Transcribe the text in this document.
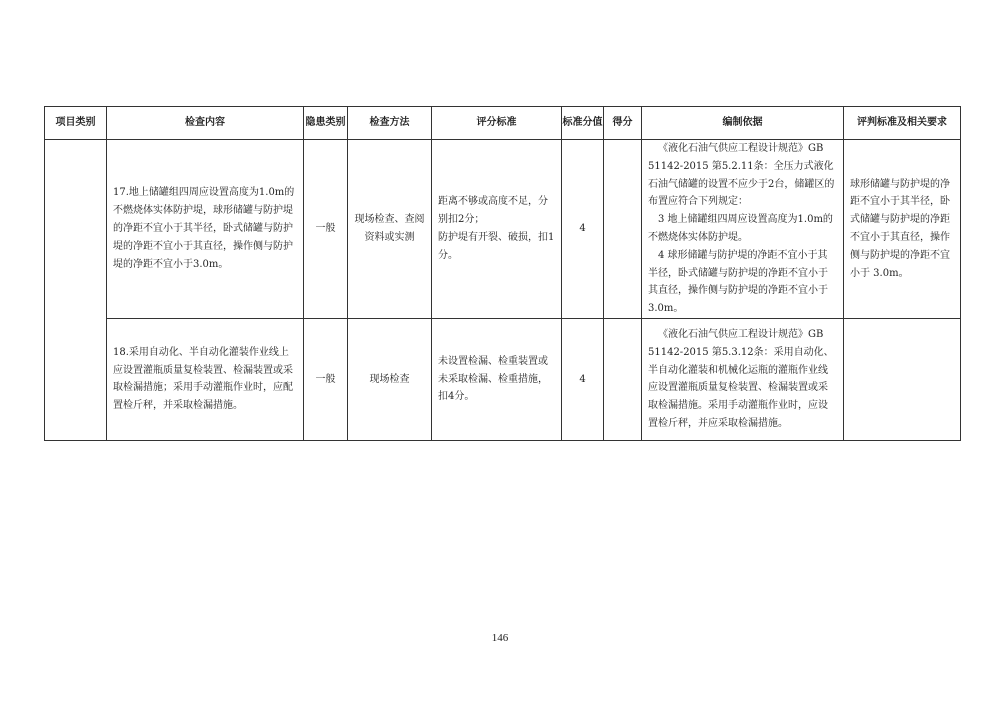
项目类别	检查内容	隐患类别	检查方法	评分标准	标准分值	得分	编制依据	评判标准及相关要求
	17.地上储罐组四周应设置高度为1.0m的不燃烧体实体防护堤，球形储罐与防护堤的净距不宜小于其半径，卧式储罐与防护堤的净距不宜小于其直径，操作侧与防护堤的净距不宜小于3.0m。	一般	现场检查、查阅资料或实测	距离不够或高度不足，分别扣2分；
防护堤有开裂、破损，扣1分。	4		《液化石油气供应工程设计规范》GB 51142-2015 第5.2.11条：全压力式液化石油气储罐的设置不应少于2台，储罐区的布置应符合下列规定：
3 地上储罐组四周应设置高度为1.0m的不燃烧体实体防护堤。
4 球形储罐与防护堤的净距不宜小于其半径，卧式储罐与防护堤的净距不宜小于其直径，操作侧与防护堤的净距不宜小于3.0m。	球形储罐与防护堤的净距不宜小于其半径，卧式储罐与防护堤的净距不宜小于其直径，操作侧与防护堤的净距不宜小于 3.0m。
	18.采用自动化、半自动化灌装作业线上应设置灌瓶质量复检装置、检漏装置或采取检漏措施；采用手动灌瓶作业时，应配置检斤秤，并采取检漏措施。	一般	现场检查	未设置检漏、检重装置或未采取检漏、检重措施，扣4分。	4		《液化石油气供应工程设计规范》GB 51142-2015 第5.3.12条：采用自动化、半自动化灌装和机械化运瓶的灌瓶作业线应设置灌瓶质量复检装置、检漏装置或采取检漏措施。采用手动灌瓶作业时，应设置检斤秤，并应采取检漏措施。	

146
